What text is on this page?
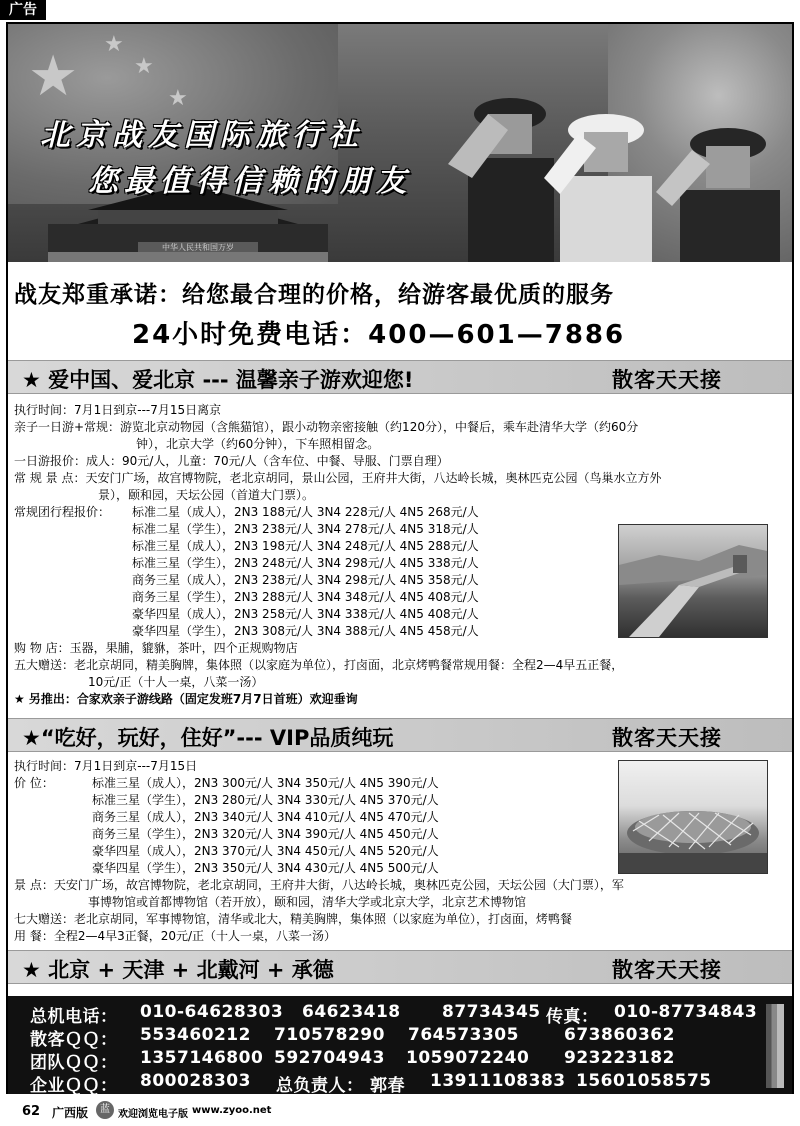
广告
★ ★
★
★
中华人民共和国万岁
北京战友国际旅行社
您最值得信赖的朋友
战友郑重承诺：给您最合理的价格，给游客最优质的服务
24小时免费电话：400—601—7886
★ 爱中国、爱北京 --- 温馨亲子游欢迎您!	散客天天接
执行时间：7月1日到京---7月15日离京
亲子一日游+常规：游览北京动物园（含熊猫馆），跟小动物亲密接触（约120分），中餐后，乘车赴清华大学（约60分
钟），北京大学（约60分钟），下车照相留念。
一日游报价：成人：90元/人，儿童：70元/人（含车位、中餐、导服、门票自理）
常 规 景 点：天安门广场，故宫博物院，老北京胡同，景山公园，王府井大街，八达岭长城，奥林匹克公园（鸟巢水立方外
景），颐和园，天坛公园（首道大门票）。
常规团行程报价： 标准二星（成人），2N3 188元/人 3N4 228元/人 4N5 268元/人
标准二星（学生），2N3 238元/人 3N4 278元/人 4N5 318元/人
标准三星（成人），2N3 198元/人 3N4 248元/人 4N5 288元/人
标准三星（学生），2N3 248元/人 3N4 298元/人 4N5 338元/人
商务三星（成人），2N3 238元/人 3N4 298元/人 4N5 358元/人
商务三星（学生），2N3 288元/人 3N4 348元/人 4N5 408元/人
豪华四星（成人），2N3 258元/人 3N4 338元/人 4N5 408元/人
豪华四星（学生），2N3 308元/人 3N4 388元/人 4N5 458元/人
购 物 店：玉器，果脯，貔貅，茶叶，四个正规购物店
五大赠送：老北京胡同，精美胸牌，集体照（以家庭为单位），打卤面，北京烤鸭餐常规用餐：全程2—4早五正餐，
10元/正（十人一桌，八菜一汤）
★ 另推出：合家欢亲子游线路（固定发班7月7日首班）欢迎垂询
★“吃好，玩好，住好”--- VIP品质纯玩	散客天天接
执行时间：7月1日到京---7月15日
价 位：	标准三星（成人），2N3 300元/人 3N4 350元/人 4N5 390元/人
标准三星（学生），2N3 280元/人 3N4 330元/人 4N5 370元/人
商务三星（成人），2N3 340元/人 3N4 410元/人 4N5 470元/人
商务三星（学生），2N3 320元/人 3N4 390元/人 4N5 450元/人
豪华四星（成人），2N3 370元/人 3N4 450元/人 4N5 520元/人
豪华四星（学生），2N3 350元/人 3N4 430元/人 4N5 500元/人
景 点：天安门广场，故宫博物院，老北京胡同，王府井大街，八达岭长城，奥林匹克公园，天坛公园（大门票），军
事博物馆或首都博物馆（若开放），颐和园，清华大学或北京大学，北京艺术博物馆
七大赠送：老北京胡同，军事博物馆，清华或北大，精美胸牌，集体照（以家庭为单位），打卤面，烤鸭餐
用 餐：全程2—4早3正餐，20元/正（十人一桌，八菜一汤）
★ 北京 + 天津 + 北戴河 + 承德	散客天天接
总机电话： 010-64628303 64623418 87734345 传真： 010-87734843
散客ＱＱ： 553460212 710578290 764573305	673860362
团队ＱＱ： 1357146800 592704943 1059072240 923223182
企业ＱＱ： 800028303 总负责人： 郭春 13911108383 15601058575
62 广西版	蓝 欢迎浏览电子版 www.zyoo.net
